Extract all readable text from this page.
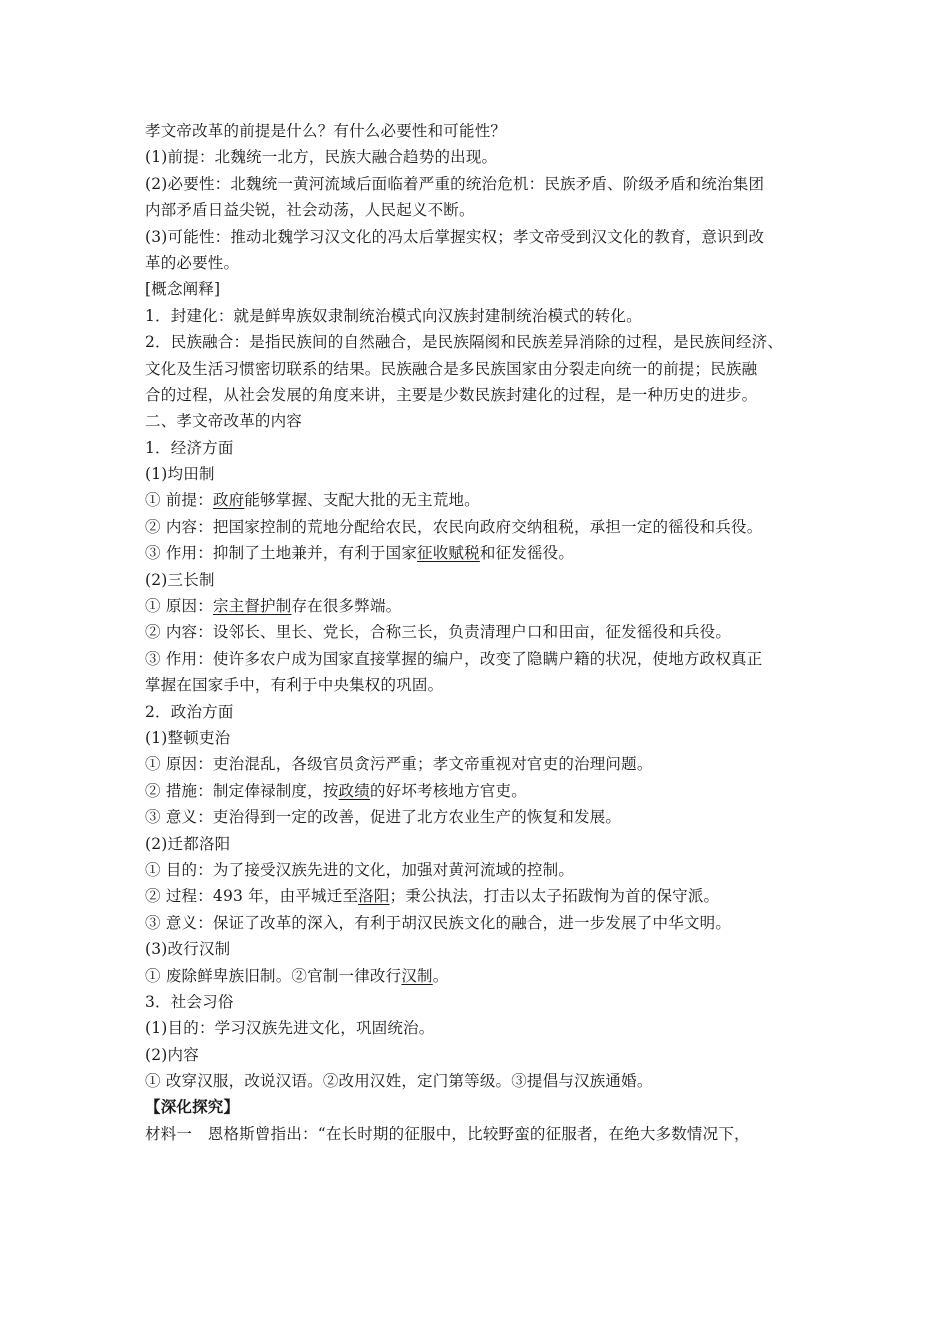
孝文帝改革的前提是什么？有什么必要性和可能性？
(1)前提：北魏统一北方，民族大融合趋势的出现。
(2)必要性：北魏统一黄河流域后面临着严重的统治危机：民族矛盾、阶级矛盾和统治集团
内部矛盾日益尖锐，社会动荡，人民起义不断。
(3)可能性：推动北魏学习汉文化的冯太后掌握实权；孝文帝受到汉文化的教育，意识到改
革的必要性。
[概念阐释]
1．封建化：就是鲜卑族奴隶制统治模式向汉族封建制统治模式的转化。
2．民族融合：是指民族间的自然融合，是民族隔阂和民族差异消除的过程，是民族间经济、
文化及生活习惯密切联系的结果。民族融合是多民族国家由分裂走向统一的前提；民族融
合的过程，从社会发展的角度来讲，主要是少数民族封建化的过程，是一种历史的进步。
二、孝文帝改革的内容
1．经济方面
(1)均田制
① 前提：政府能够掌握、支配大批的无主荒地。
② 内容：把国家控制的荒地分配给农民，农民向政府交纳租税，承担一定的徭役和兵役。
③ 作用：抑制了土地兼并，有利于国家征收赋税和征发徭役。
(2)三长制
① 原因：宗主督护制存在很多弊端。
② 内容：设邻长、里长、党长，合称三长，负责清理户口和田亩，征发徭役和兵役。
③ 作用：使许多农户成为国家直接掌握的编户，改变了隐瞒户籍的状况，使地方政权真正
掌握在国家手中，有利于中央集权的巩固。
2．政治方面
(1)整顿吏治
① 原因：吏治混乱，各级官员贪污严重；孝文帝重视对官吏的治理问题。
② 措施：制定俸禄制度，按政绩的好坏考核地方官吏。
③ 意义：吏治得到一定的改善，促进了北方农业生产的恢复和发展。
(2)迁都洛阳
① 目的：为了接受汉族先进的文化，加强对黄河流域的控制。
② 过程：493 年，由平城迁至洛阳；秉公执法，打击以太子拓跋恂为首的保守派。
③ 意义：保证了改革的深入，有利于胡汉民族文化的融合，进一步发展了中华文明。
(3)改行汉制
① 废除鲜卑族旧制。②官制一律改行汉制。
3．社会习俗
(1)目的：学习汉族先进文化，巩固统治。
(2)内容
① 改穿汉服，改说汉语。②改用汉姓，定门第等级。③提倡与汉族通婚。
【深化探究】
材料一　恩格斯曾指出：“在长时期的征服中，比较野蛮的征服者，在绝大多数情况下，
